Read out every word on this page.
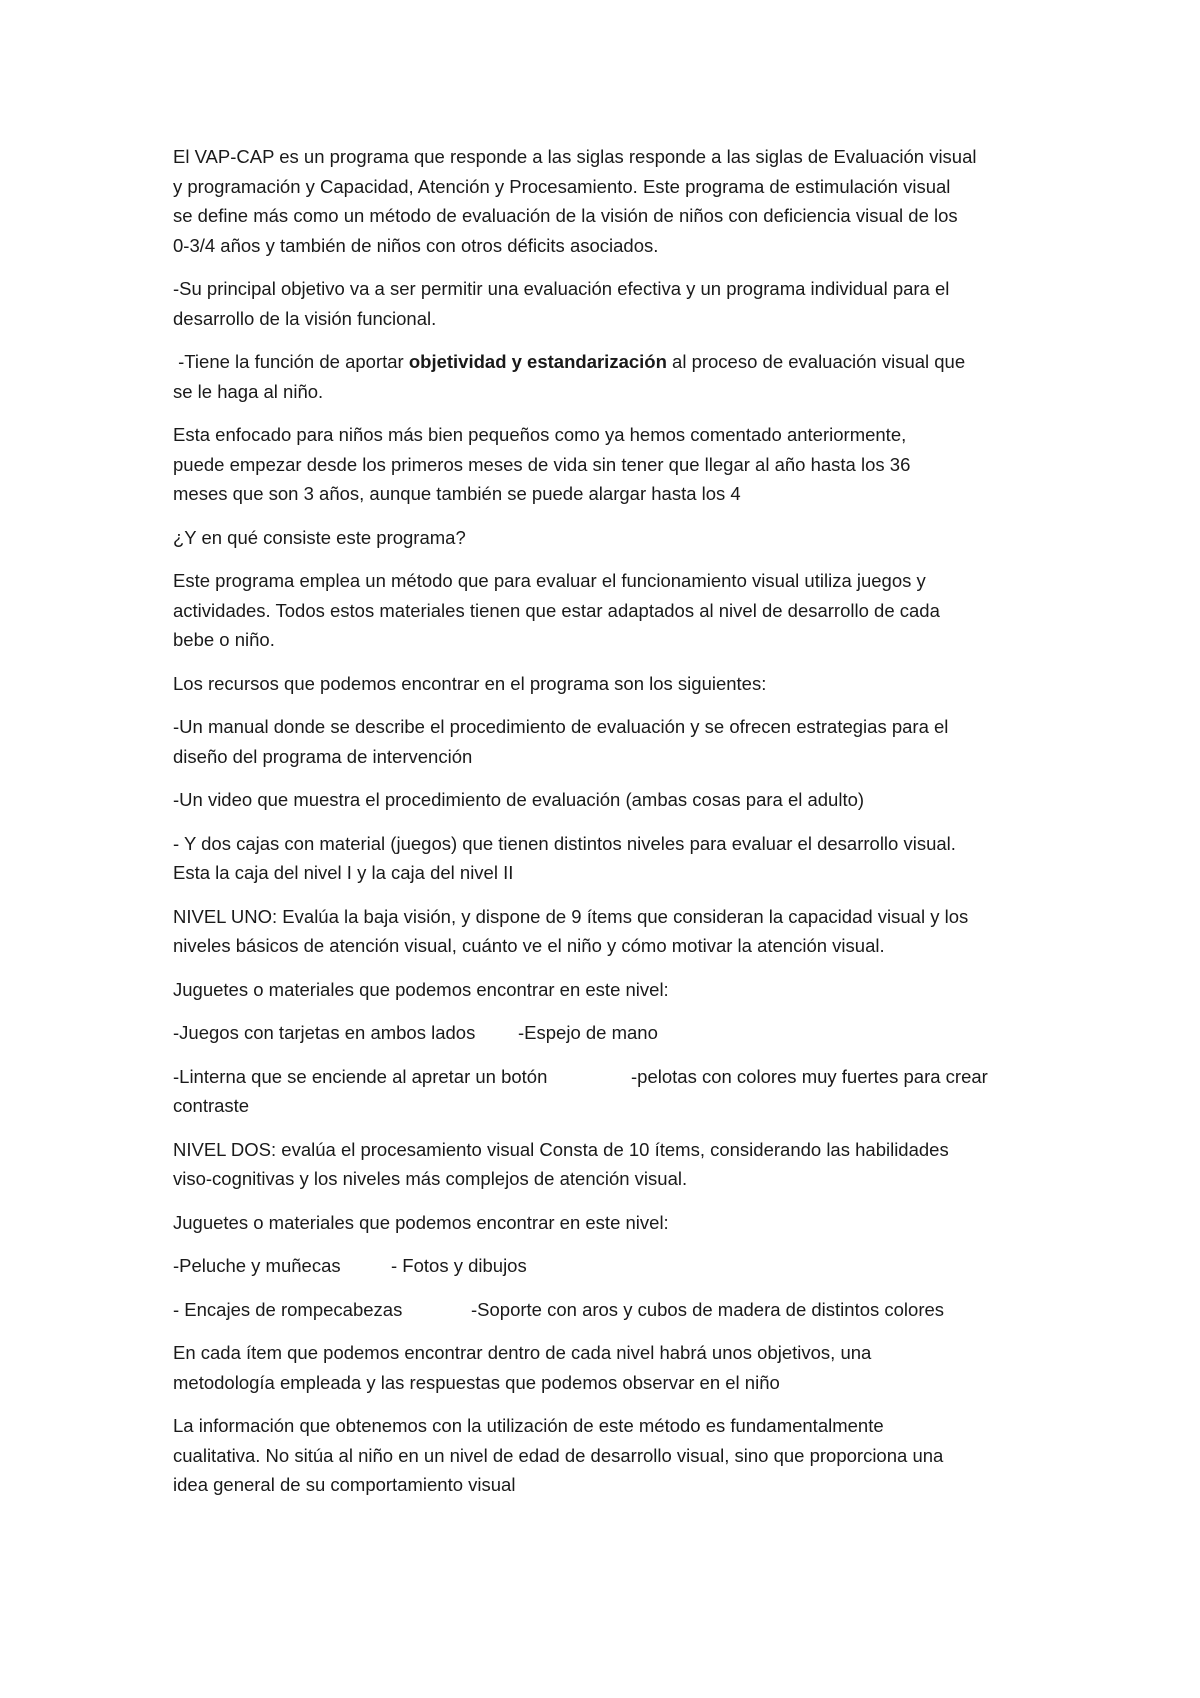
El VAP-CAP es un programa que responde a las siglas responde a las siglas de Evaluación visual
y programación y Capacidad, Atención y Procesamiento. Este programa de estimulación visual
se define más como un método de evaluación de la visión de niños con deficiencia visual de los
0-3/4 años y también de niños con otros déficits asociados.

-Su principal objetivo va a ser permitir una evaluación efectiva y un programa individual para el
desarrollo de la visión funcional.

-Tiene la función de aportar objetividad y estandarización al proceso de evaluación visual que
se le haga al niño.

Esta enfocado para niños más bien pequeños como ya hemos comentado anteriormente,
puede empezar desde los primeros meses de vida sin tener que llegar al año hasta los 36
meses que son 3 años, aunque también se puede alargar hasta los 4

¿Y en qué consiste este programa?

Este programa emplea un método que para evaluar el funcionamiento visual utiliza juegos y
actividades. Todos estos materiales tienen que estar adaptados al nivel de desarrollo de cada
bebe o niño.

Los recursos que podemos encontrar en el programa son los siguientes:

-Un manual donde se describe el procedimiento de evaluación y se ofrecen estrategias para el
diseño del programa de intervención

-Un video que muestra el procedimiento de evaluación (ambas cosas para el adulto)

- Y dos cajas con material (juegos) que tienen distintos niveles para evaluar el desarrollo visual.
Esta la caja del nivel I y la caja del nivel II

NIVEL UNO: Evalúa la baja visión, y dispone de 9 ítems que consideran la capacidad visual y los
niveles básicos de atención visual, cuánto ve el niño y cómo motivar la atención visual.

Juguetes o materiales que podemos encontrar en este nivel:

-Juegos con tarjetas en ambos lados -Espejo de mano

-Linterna que se enciende al apretar un botón	-pelotas con colores muy fuertes para crear
contraste

NIVEL DOS: evalúa el procesamiento visual Consta de 10 ítems, considerando las habilidades
viso-cognitivas y los niveles más complejos de atención visual.

Juguetes o materiales que podemos encontrar en este nivel:

-Peluche y muñecas	- Fotos y dibujos

- Encajes de rompecabezas	-Soporte con aros y cubos de madera de distintos colores

En cada ítem que podemos encontrar dentro de cada nivel habrá unos objetivos, una
metodología empleada y las respuestas que podemos observar en el niño

La información que obtenemos con la utilización de este método es fundamentalmente
cualitativa. No sitúa al niño en un nivel de edad de desarrollo visual, sino que proporciona una
idea general de su comportamiento visual
